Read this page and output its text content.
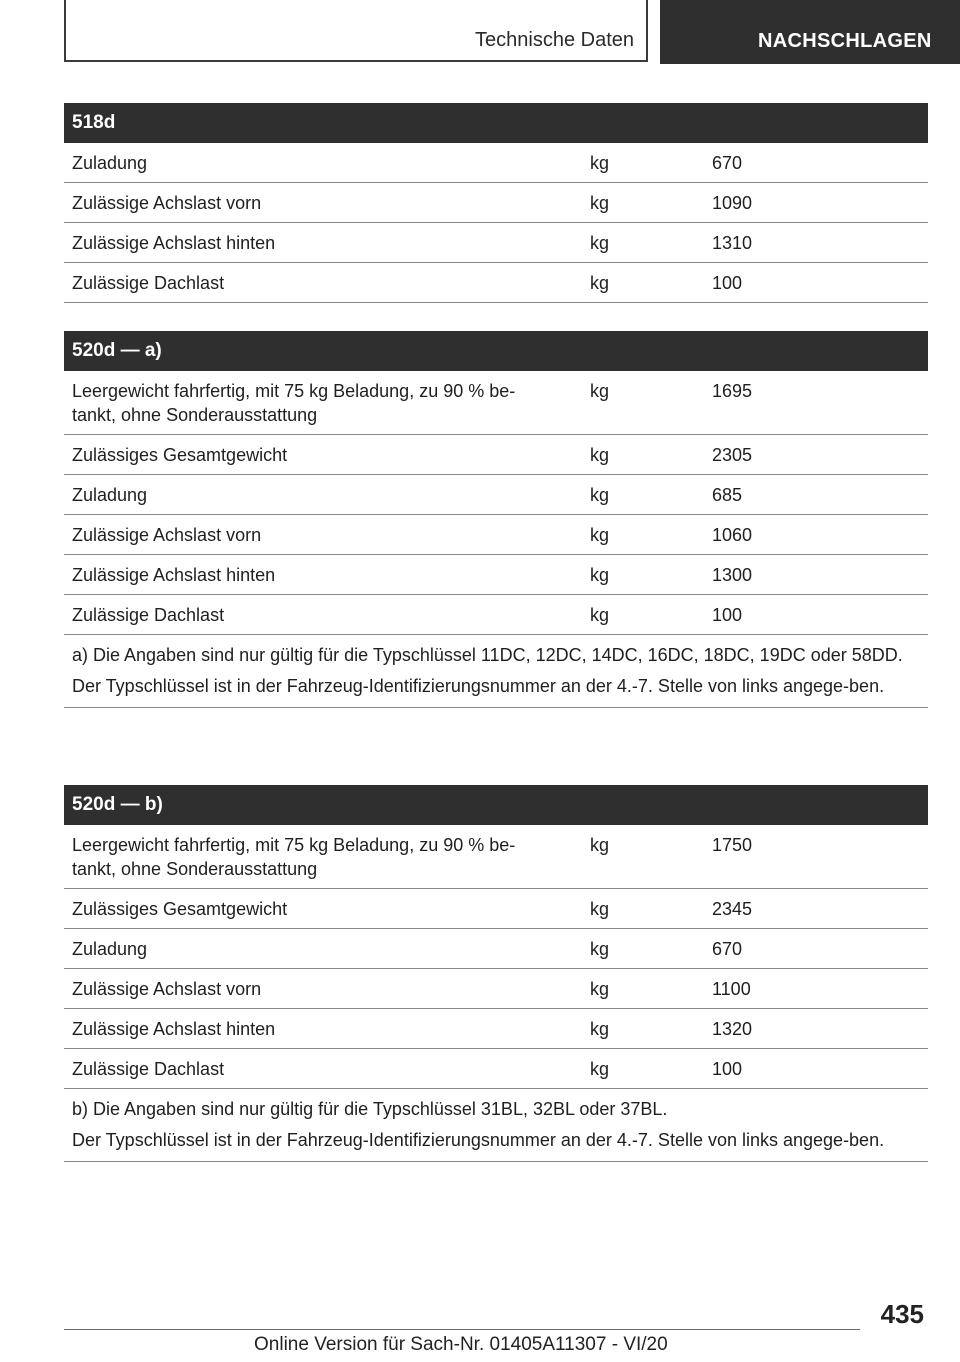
Technische Daten	NACHSCHLAGEN
518d
Zuladung	kg	670
Zulässige Achslast vorn	kg	1090
Zulässige Achslast hinten	kg	1310
Zulässige Dachlast	kg	100
520d — a)
Leergewicht fahrfertig, mit 75 kg Beladung, zu 90 % be-
tankt, ohne Sonderausstattung
kg	1695
Zulässiges Gesamtgewicht	kg	2305
Zuladung	kg	685
Zulässige Achslast vorn	kg	1060
Zulässige Achslast hinten	kg	1300
Zulässige Dachlast	kg	100

a) Die Angaben sind nur gültig für die Typschlüssel 11DC, 12DC, 14DC, 16DC, 18DC, 19DC oder 58DD.

Der Typschlüssel ist in der Fahrzeug-Identifizierungsnummer an der 4.-7. Stelle von links angege-ben.

520d — b)
Leergewicht fahrfertig, mit 75 kg Beladung, zu 90 % be-
tankt, ohne Sonderausstattung
kg	1750
Zulässiges Gesamtgewicht	kg	2345
Zuladung	kg	670
Zulässige Achslast vorn	kg	1100
Zulässige Achslast hinten	kg	1320
Zulässige Dachlast	kg	100

b) Die Angaben sind nur gültig für die Typschlüssel 31BL, 32BL oder 37BL.

Der Typschlüssel ist in der Fahrzeug-Identifizierungsnummer an der 4.-7. Stelle von links angege-ben.

435
Online Version für Sach-Nr. 01405A11307 - VI/20
